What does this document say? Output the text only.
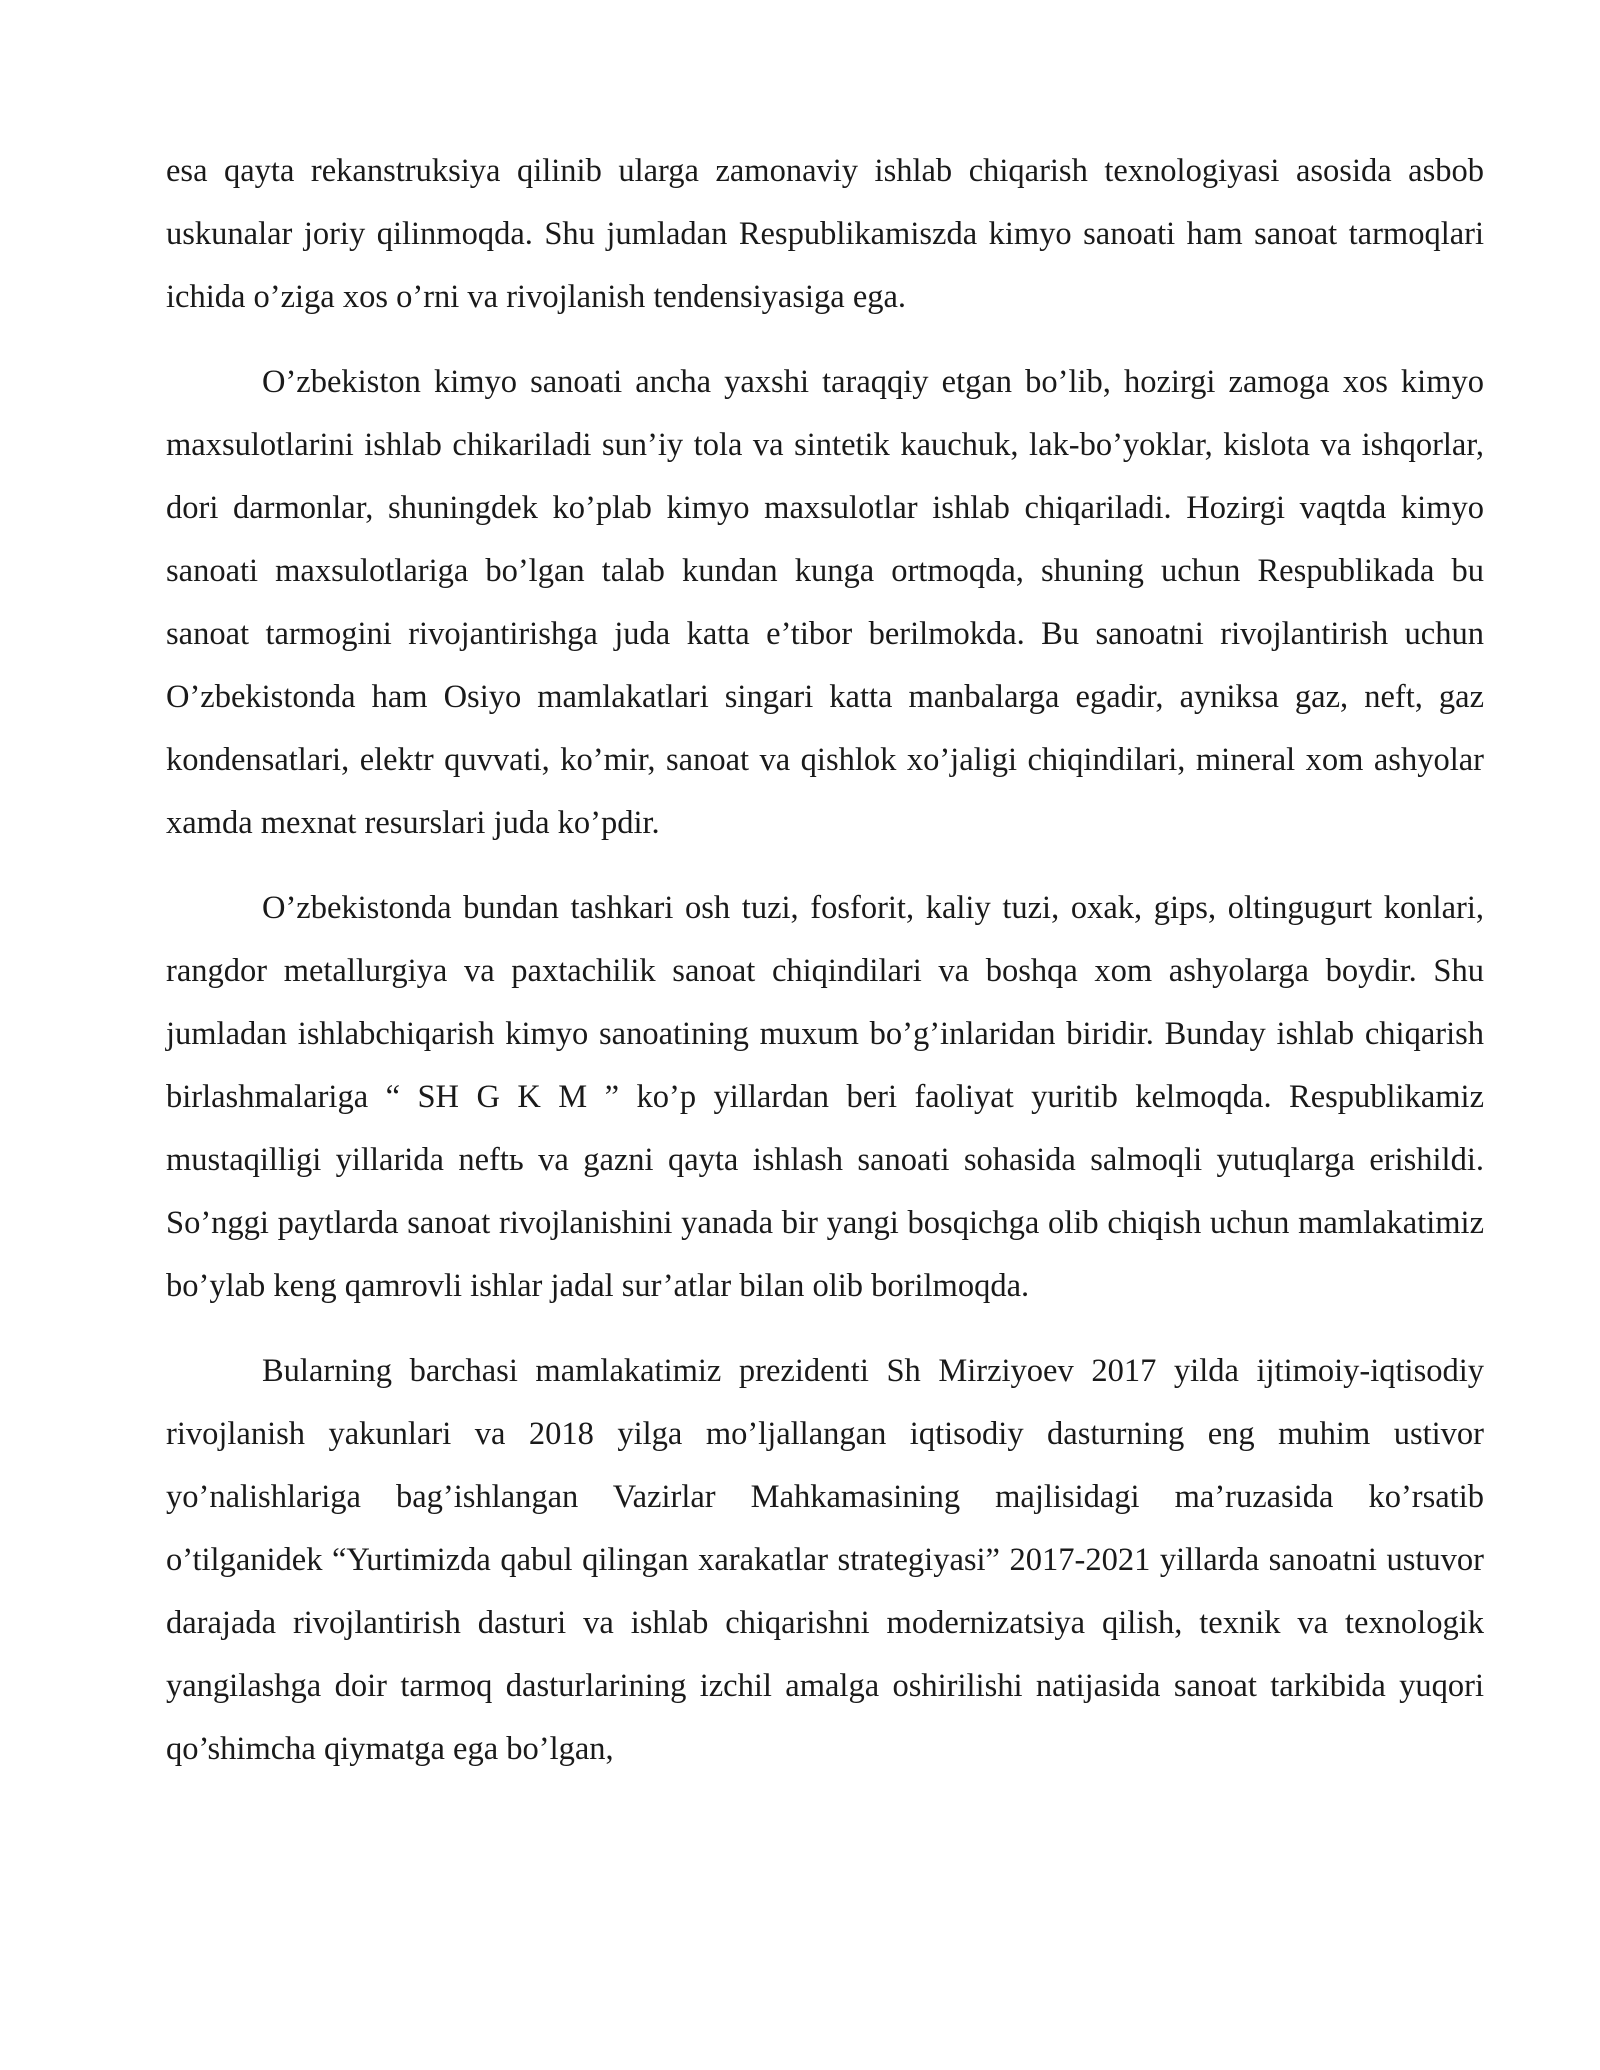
esa qayta rekanstruksiya qilinib ularga zamonaviy ishlab chiqarish texnologiyasi asosida asbob uskunalar joriy qilinmoqda. Shu jumladan Respublikamiszda kimyo sanoati ham sanoat tarmoqlari ichida o’ziga xos o’rni va rivojlanish tendensiyasiga ega.

O’zbekiston kimyo sanoati ancha yaxshi taraqqiy etgan bo’lib, hozirgi zamoga xos kimyo maxsulotlarini ishlab chikariladi sun’iy tola va sintetik kauchuk, lak-bo’yoklar, kislota va ishqorlar, dori darmonlar, shuningdek ko’plab kimyo maxsulotlar ishlab chiqariladi. Hozirgi vaqtda kimyo sanoati maxsulotlariga bo’lgan talab kundan kunga ortmoqda, shuning uchun Respublikada bu sanoat tarmogini rivojantirishga juda katta e’tibor berilmokda. Bu sanoatni rivojlantirish uchun O’zbekistonda ham Osiyo mamlakatlari singari katta manbalarga egadir, ayniksa gaz, neft, gaz kondensatlari, elektr quvvati, ko’mir, sanoat va qishlok xo’jaligi chiqindilari, mineral xom ashyolar xamda mexnat resurslari juda ko’pdir.

O’zbekistonda bundan tashkari osh tuzi, fosforit, kaliy tuzi, oxak, gips, oltingugurt konlari, rangdor metallurgiya va paxtachilik sanoat chiqindilari va boshqa xom ashyolarga boydir. Shu jumladan ishlabchiqarish kimyo sanoatining muxum bo’g’inlaridan biridir. Bunday ishlab chiqarish birlashmalariga “ SH G K M ” ko’p yillardan beri faoliyat yuritib kelmoqda. Respublikamiz mustaqilligi yillarida neftь va gazni qayta ishlash sanoati sohasida salmoqli yutuqlarga erishildi. So’nggi paytlarda sanoat rivojlanishini yanada bir yangi bosqichga olib chiqish uchun mamlakatimiz bo’ylab keng qamrovli ishlar jadal sur’atlar bilan olib borilmoqda.

Bularning barchasi mamlakatimiz prezidenti Sh Mirziyoev 2017 yilda ijtimoiy-iqtisodiy rivojlanish yakunlari va 2018 yilga mo’ljallangan iqtisodiy dasturning eng muhim ustivor yo’nalishlariga bag’ishlangan Vazirlar Mahkamasining majlisidagi ma’ruzasida ko’rsatib o’tilganidek “Yurtimizda qabul qilingan xarakatlar strategiyasi” 2017-2021 yillarda sanoatni ustuvor darajada rivojlantirish dasturi va ishlab chiqarishni modernizatsiya qilish, texnik va texnologik yangilashga doir tarmoq dasturlarining izchil amalga oshirilishi natijasida sanoat tarkibida yuqori qo’shimcha qiymatga ega bo’lgan,
